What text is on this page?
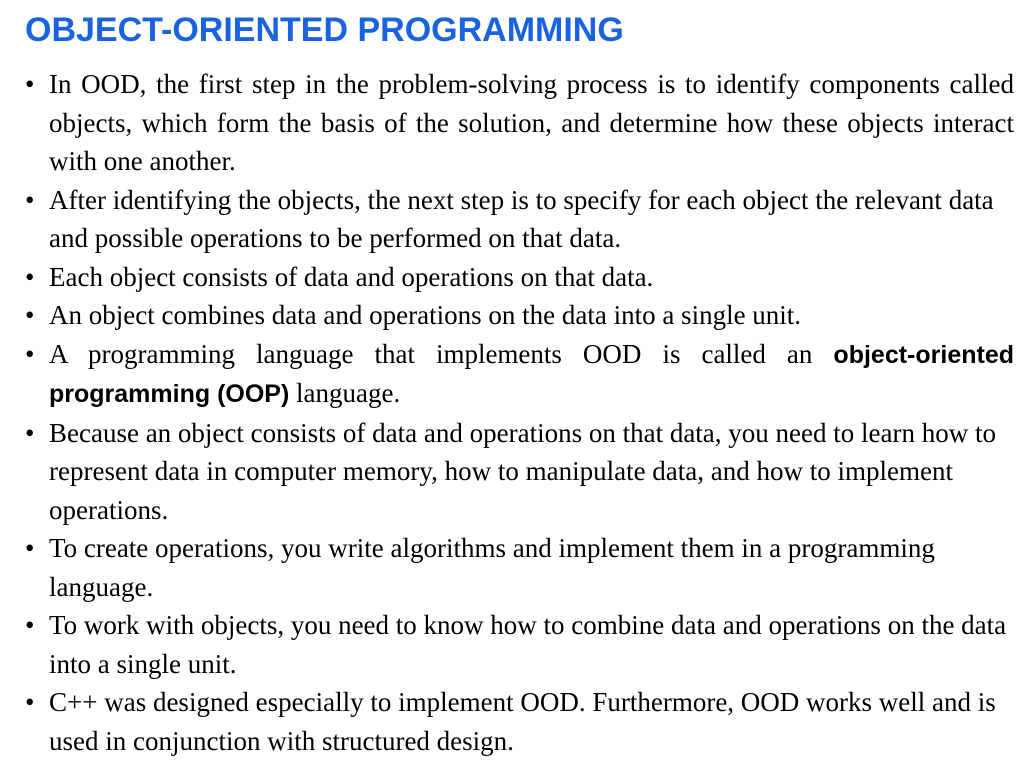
OBJECT-ORIENTED PROGRAMMING
• In OOD, the first step in the problem-solving process is to identify components called objects, which form the basis of the solution, and determine how these objects interact with one another.
• After identifying the objects, the next step is to specify for each object the relevant data and possible operations to be performed on that data.
• Each object consists of data and operations on that data.
• An object combines data and operations on the data into a single unit.
• A programming language that implements OOD is called an object-oriented programming (OOP) language.
• Because an object consists of data and operations on that data, you need to learn how to represent data in computer memory, how to manipulate data, and how to implement operations.
• To create operations, you write algorithms and implement them in a programming language.
• To work with objects, you need to know how to combine data and operations on the data into a single unit.
• C++ was designed especially to implement OOD. Furthermore, OOD works well and is used in conjunction with structured design.
